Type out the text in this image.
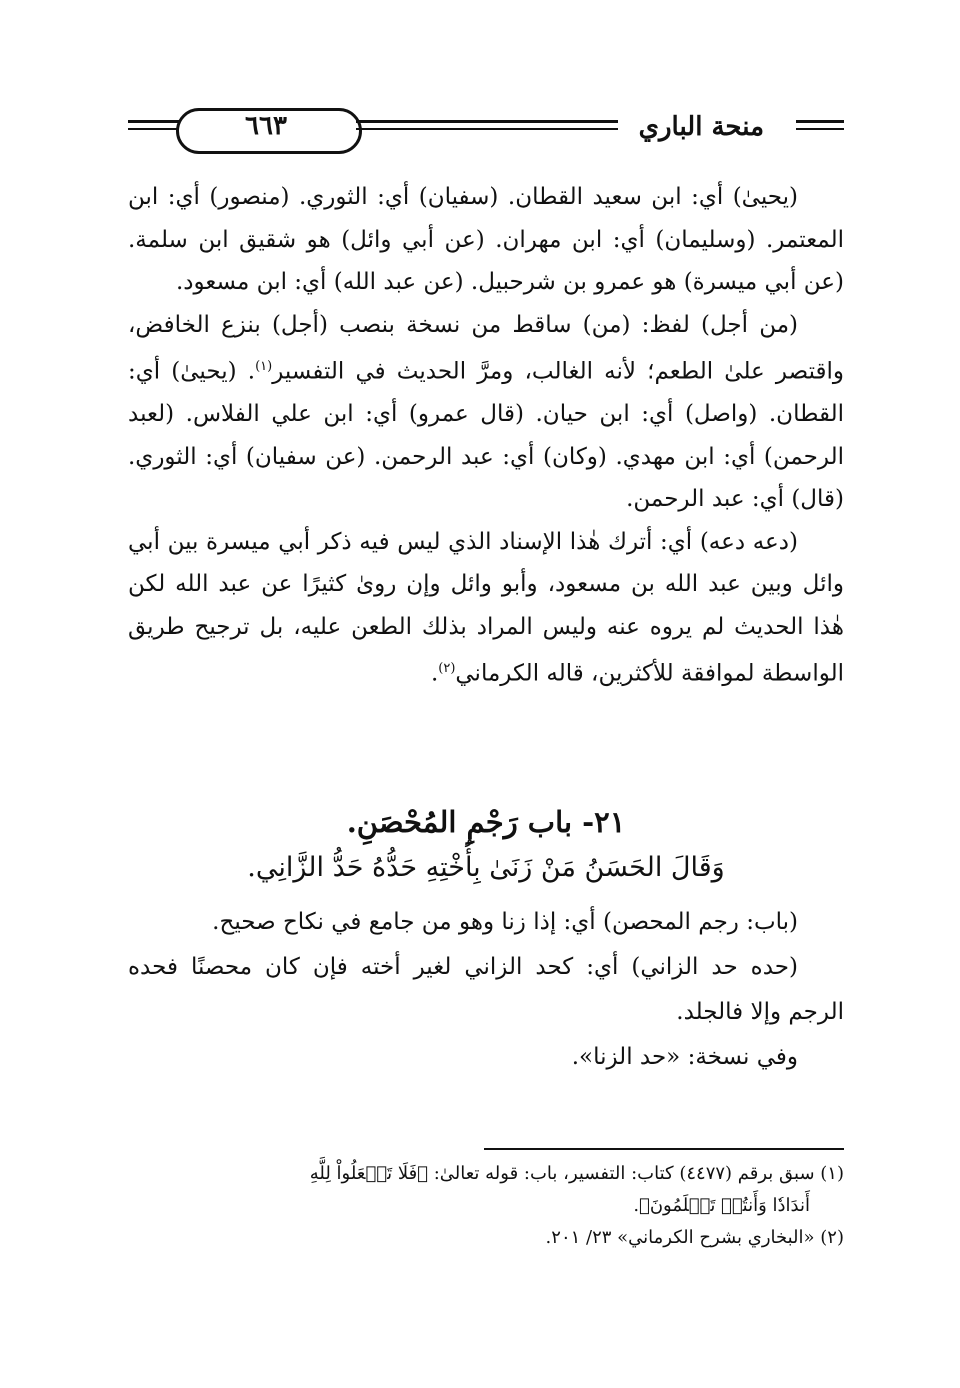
٦٦٣	منحة الباري

(يحيىٰ) أي: ابن سعيد القطان. (سفيان) أي: الثوري. (منصور) أي: ابن المعتمر. (وسليمان) أي: ابن مهران. (عن أبي وائل) هو شقيق ابن سلمة. (عن أبي ميسرة) هو عمرو بن شرحبيل. (عن عبد الله) أي: ابن مسعود.

(من أجل) لفظ: (من) ساقط من نسخة بنصب (أجل) بنزع الخافض، واقتصر علىٰ الطعم؛ لأنه الغالب، ومرَّ الحديث في التفسير$^{(١)}$. (يحيىٰ) أي: القطان. (واصل) أي: ابن حيان. (قال عمرو) أي: ابن علي الفلاس. (لعبد الرحمن) أي: ابن مهدي. (وكان) أي: عبد الرحمن. (عن سفيان) أي: الثوري. (قال) أي: عبد الرحمن.

(دعه دعه) أي: أترك هٰذا الإسناد الذي ليس فيه ذكر أبي ميسرة بين أبي وائل وبين عبد الله بن مسعود، وأبو وائل وإن روىٰ كثيرًا عن عبد الله لكن هٰذا الحديث لم يروه عنه وليس المراد بذلك الطعن عليه، بل ترجيح طريق الواسطة لموافقة للأكثرين، قاله الكرماني$^{(٢)}$.

٢١- باب رَجْمِ المُحْصَنِ.
وَقَالَ الحَسَنُ مَنْ زَنَىٰ بِأُخْتِهِ حَدُّهُ حَدُّ الزَّانِي.

(باب: رجم المحصن) أي: إذا زنا وهو من جامع في نكاح صحيح.

(حده حد الزاني) أي: كحد الزاني لغير أخته فإن كان محصنًا فحده الرجم وإلا فالجلد.

وفي نسخة: «حد الزنا».

(١) سبق برقم (٤٤٧٧) كتاب: التفسير، باب: قوله تعالىٰ: ﴿فَلَا تَجۡعَلُواْ لِلَّهِ

أَندَادٗا وَأَنتُمۡ تَعۡلَمُونَ﴾.

(٢) «البخاري بشرح الكرماني» ٢٣/ ٢٠١.
